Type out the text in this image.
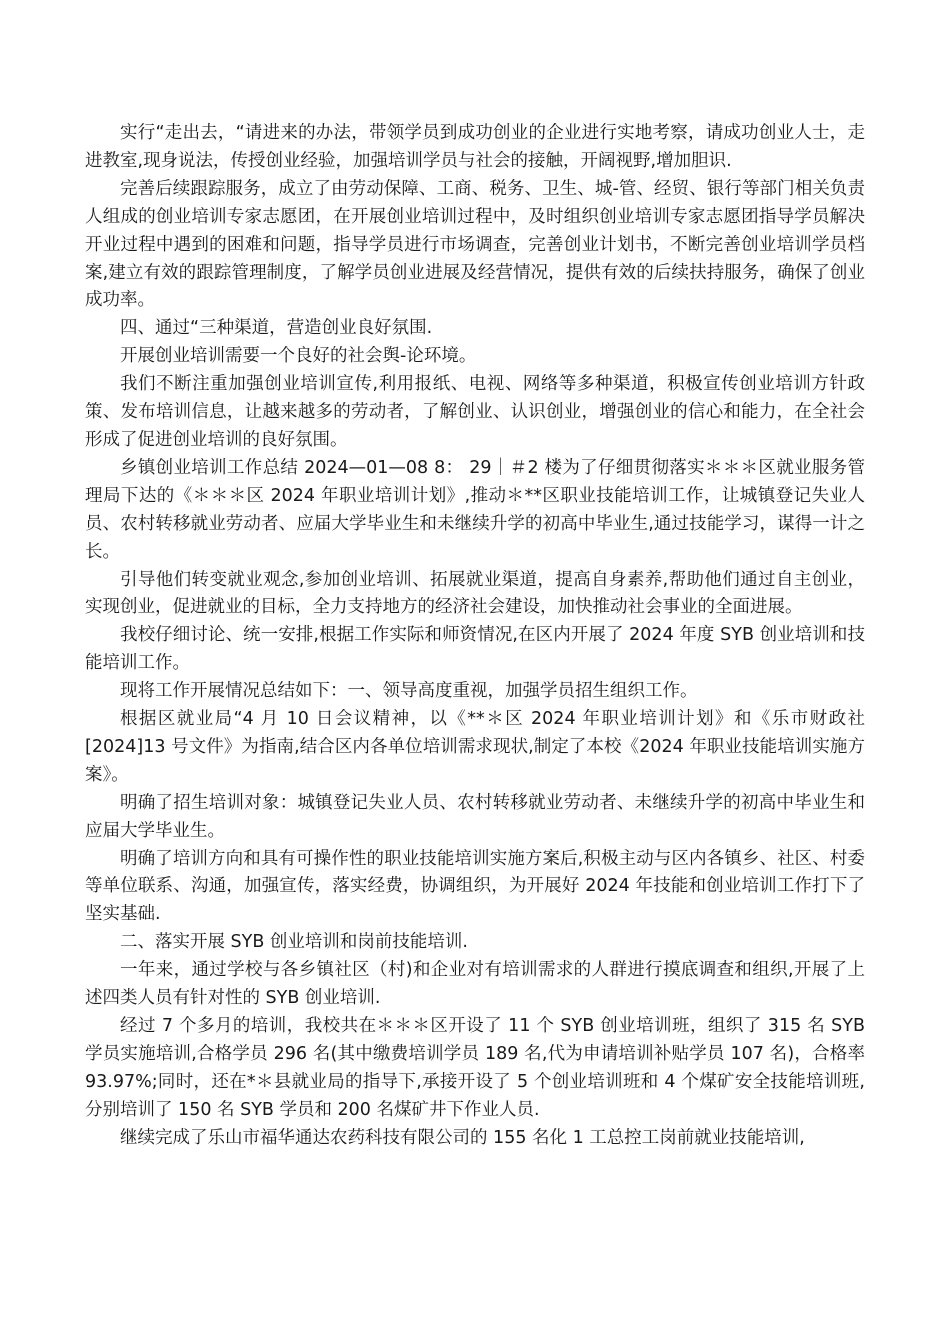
实行“走出去，“请进来的办法，带领学员到成功创业的企业进行实地考察，请成功创业人士，走进教室,现身说法，传授创业经验，加强培训学员与社会的接触，开阔视野,增加胆识.

完善后续跟踪服务，成立了由劳动保障、工商、税务、卫生、城-管、经贸、银行等部门相关负责人组成的创业培训专家志愿团，在开展创业培训过程中，及时组织创业培训专家志愿团指导学员解决开业过程中遇到的困难和问题，指导学员进行市场调查，完善创业计划书，不断完善创业培训学员档案,建立有效的跟踪管理制度，了解学员创业进展及经营情况，提供有效的后续扶持服务，确保了创业成功率。

四、通过“三种渠道，营造创业良好氛围.

开展创业培训需要一个良好的社会舆-论环境。

我们不断注重加强创业培训宣传,利用报纸、电视、网络等多种渠道，积极宣传创业培训方针政策、发布培训信息，让越来越多的劳动者，了解创业、认识创业，增强创业的信心和能力，在全社会形成了促进创业培训的良好氛围。

乡镇创业培训工作总结 2024—01—08 8： 29｜＃2 楼为了仔细贯彻落实＊＊＊区就业服务管理局下达的《＊＊＊区 2024 年职业培训计划》,推动＊**区职业技能培训工作，让城镇登记失业人员、农村转移就业劳动者、应届大学毕业生和未继续升学的初高中毕业生,通过技能学习，谋得一计之长。

引导他们转变就业观念,参加创业培训、拓展就业渠道，提高自身素养,帮助他们通过自主创业，实现创业，促进就业的目标，全力支持地方的经济社会建设，加快推动社会事业的全面进展。

我校仔细讨论、统一安排,根据工作实际和师资情况,在区内开展了 2024 年度 SYB 创业培训和技能培训工作。

现将工作开展情况总结如下：一、领导高度重视，加强学员招生组织工作。

根据区就业局“4 月 10 日会议精神，以《**＊区 2024 年职业培训计划》和《乐市财政社[2024]13 号文件》为指南,结合区内各单位培训需求现状,制定了本校《2024 年职业技能培训实施方案》。

明确了招生培训对象：城镇登记失业人员、农村转移就业劳动者、未继续升学的初高中毕业生和应届大学毕业生。

明确了培训方向和具有可操作性的职业技能培训实施方案后,积极主动与区内各镇乡、社区、村委等单位联系、沟通，加强宣传，落实经费，协调组织，为开展好 2024 年技能和创业培训工作打下了坚实基础.

二、落实开展 SYB 创业培训和岗前技能培训.

一年来，通过学校与各乡镇社区（村)和企业对有培训需求的人群进行摸底调查和组织,开展了上述四类人员有针对性的 SYB 创业培训.

经过 7 个多月的培训，我校共在＊＊＊区开设了 11 个 SYB 创业培训班，组织了 315 名 SYB 学员实施培训,合格学员 296 名(其中缴费培训学员 189 名,代为申请培训补贴学员 107 名)，合格率 93.97%;同时，还在*＊县就业局的指导下,承接开设了 5 个创业培训班和 4 个煤矿安全技能培训班,分别培训了 150 名 SYB 学员和 200 名煤矿井下作业人员.

继续完成了乐山市福华通达农药科技有限公司的 155 名化 1 工总控工岗前就业技能培训,
